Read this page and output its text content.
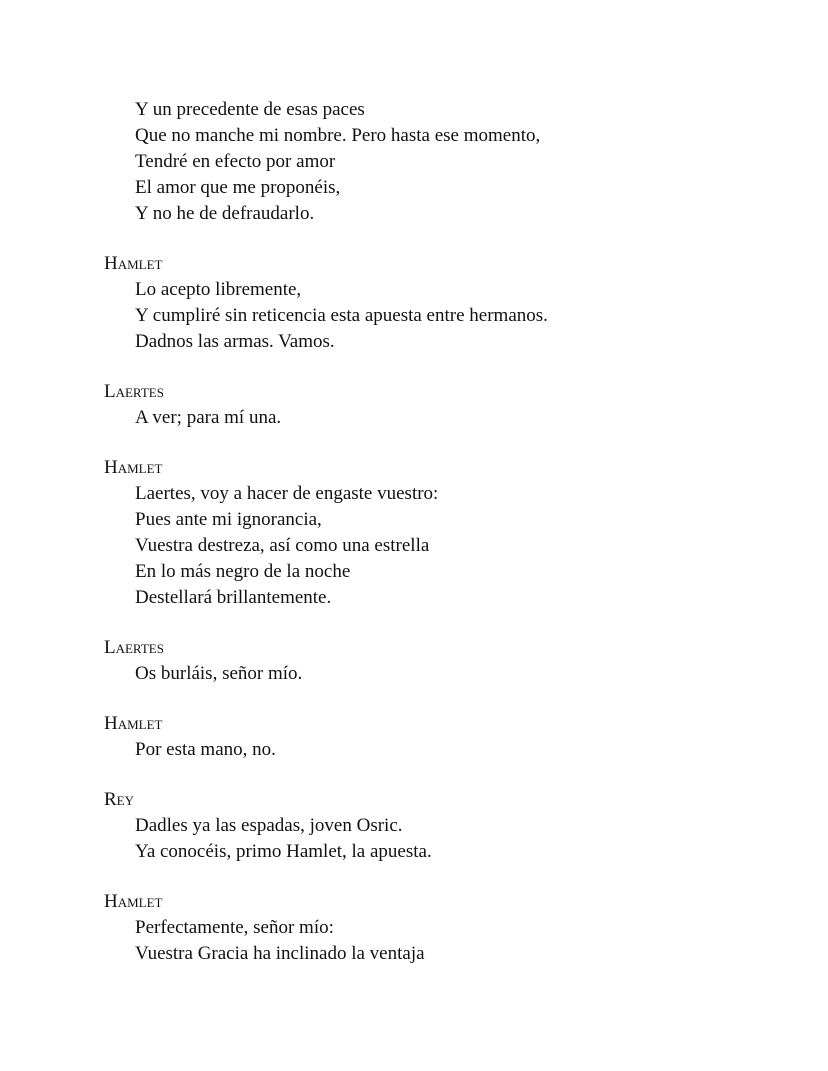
Y un precedente de esas paces
Que no manche mi nombre. Pero hasta ese momento,
Tendré en efecto por amor
El amor que me proponéis,
Y no he de defraudarlo.
Hamlet
Lo acepto libremente,
Y cumpliré sin reticencia esta apuesta entre hermanos.
Dadnos las armas. Vamos.
Laertes
A ver; para mí una.
Hamlet
Laertes, voy a hacer de engaste vuestro:
Pues ante mi ignorancia,
Vuestra destreza, así como una estrella
En lo más negro de la noche
Destellará brillantemente.
Laertes
Os burláis, señor mío.
Hamlet
Por esta mano, no.
Rey
Dadles ya las espadas, joven Osric.
Ya conocéis, primo Hamlet, la apuesta.
Hamlet
Perfectamente, señor mío:
Vuestra Gracia ha inclinado la ventaja
